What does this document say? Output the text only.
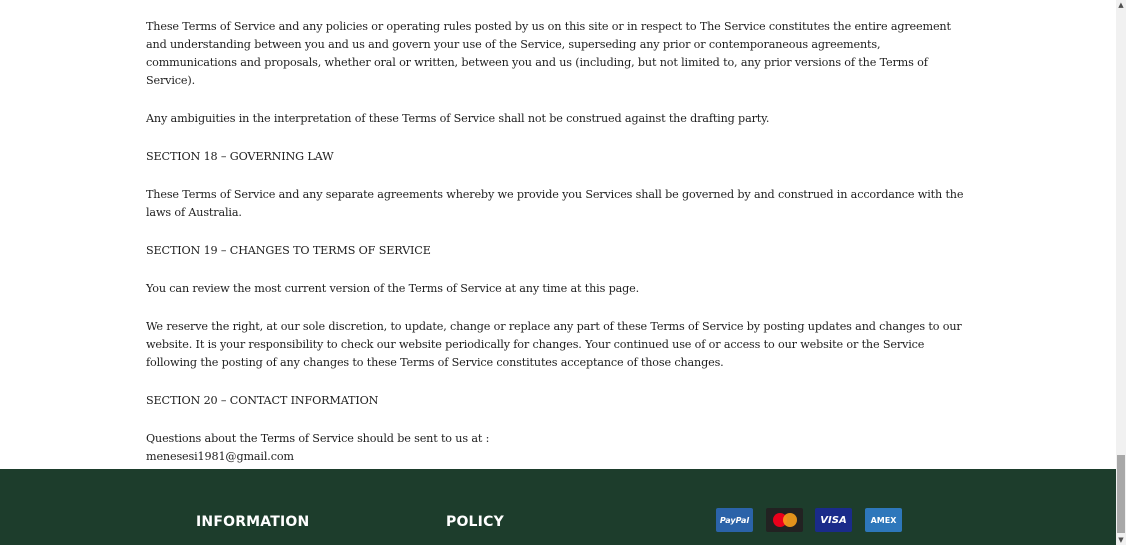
These Terms of Service and any policies or operating rules posted by us on this site or in respect to The Service constitutes the entire agreement and understanding between you and us and govern your use of the Service, superseding any prior or contemporaneous agreements, communications and proposals, whether oral or written, between you and us (including, but not limited to, any prior versions of the Terms of Service).

Any ambiguities in the interpretation of these Terms of Service shall not be construed against the drafting party.

SECTION 18 – GOVERNING LAW

These Terms of Service and any separate agreements whereby we provide you Services shall be governed by and construed in accordance with the laws of Australia.

SECTION 19 – CHANGES TO TERMS OF SERVICE

You can review the most current version of the Terms of Service at any time at this page.

We reserve the right, at our sole discretion, to update, change or replace any part of these Terms of Service by posting updates and changes to our website. It is your responsibility to check our website periodically for changes. Your continued use of or access to our website or the Service following the posting of any changes to these Terms of Service constitutes acceptance of those changes.

SECTION 20 – CONTACT INFORMATION

Questions about the Terms of Service should be sent to us at :
menesesi1981@gmail.com

INFORMATION	POLICY	PayPal	VISA	AMEX
▲
▼
